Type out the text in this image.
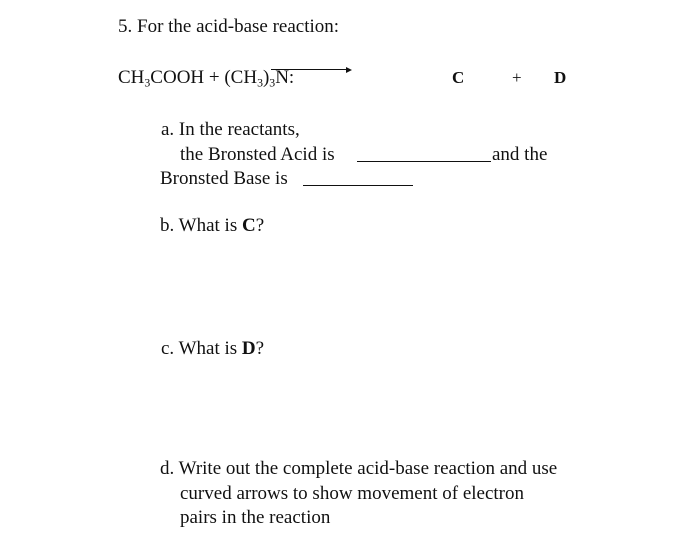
5. For the acid-base reaction:
$CH_3COOH + (CH_3)_3N$:	C	+ D
a. In the reactants,
the Bronsted Acid is	and the
Bronsted Base is
b. What is C?
c. What is D?
d. Write out the complete acid-base reaction and use
curved arrows to show movement of electron
pairs in the reaction
